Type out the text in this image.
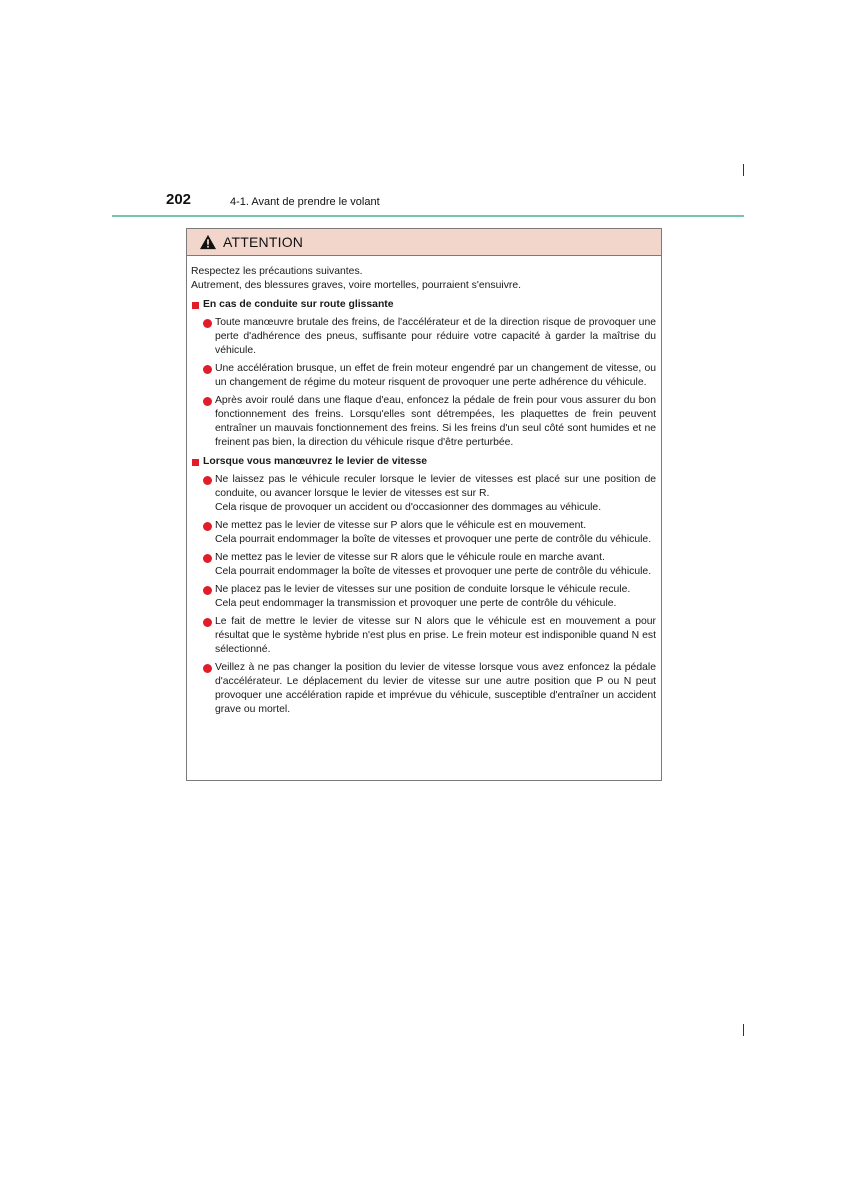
202	4-1. Avant de prendre le volant
ATTENTION
Respectez les précautions suivantes.
Autrement, des blessures graves, voire mortelles, pourraient s'ensuivre.
En cas de conduite sur route glissante
Toute manœuvre brutale des freins, de l'accélérateur et de la direction risque de provoquer une perte d'adhérence des pneus, suffisante pour réduire votre capacité à garder la maîtrise du véhicule.
Une accélération brusque, un effet de frein moteur engendré par un changement de vitesse, ou un changement de régime du moteur risquent de provoquer une perte adhérence du véhicule.
Après avoir roulé dans une flaque d'eau, enfoncez la pédale de frein pour vous assurer du bon fonctionnement des freins. Lorsqu'elles sont détrempées, les plaquettes de frein peuvent entraîner un mauvais fonctionnement des freins. Si les freins d'un seul côté sont humides et ne freinent pas bien, la direction du véhicule risque d'être perturbée.
Lorsque vous manœuvrez le levier de vitesse
Ne laissez pas le véhicule reculer lorsque le levier de vitesses est placé sur une position de conduite, ou avancer lorsque le levier de vitesses est sur R.
Cela risque de provoquer un accident ou d'occasionner des dommages au véhicule.
Ne mettez pas le levier de vitesse sur P alors que le véhicule est en mouvement.
Cela pourrait endommager la boîte de vitesses et provoquer une perte de contrôle du véhicule.
Ne mettez pas le levier de vitesse sur R alors que le véhicule roule en marche avant.
Cela pourrait endommager la boîte de vitesses et provoquer une perte de contrôle du véhicule.
Ne placez pas le levier de vitesses sur une position de conduite lorsque le véhicule recule.
Cela peut endommager la transmission et provoquer une perte de contrôle du véhicule.
Le fait de mettre le levier de vitesse sur N alors que le véhicule est en mouvement a pour résultat que le système hybride n'est plus en prise. Le frein moteur est indisponible quand N est sélectionné.
Veillez à ne pas changer la position du levier de vitesse lorsque vous avez enfoncez la pédale d'accélérateur. Le déplacement du levier de vitesse sur une autre position que P ou N peut provoquer une accélération rapide et imprévue du véhicule, susceptible d'entraîner un accident grave ou mortel.
